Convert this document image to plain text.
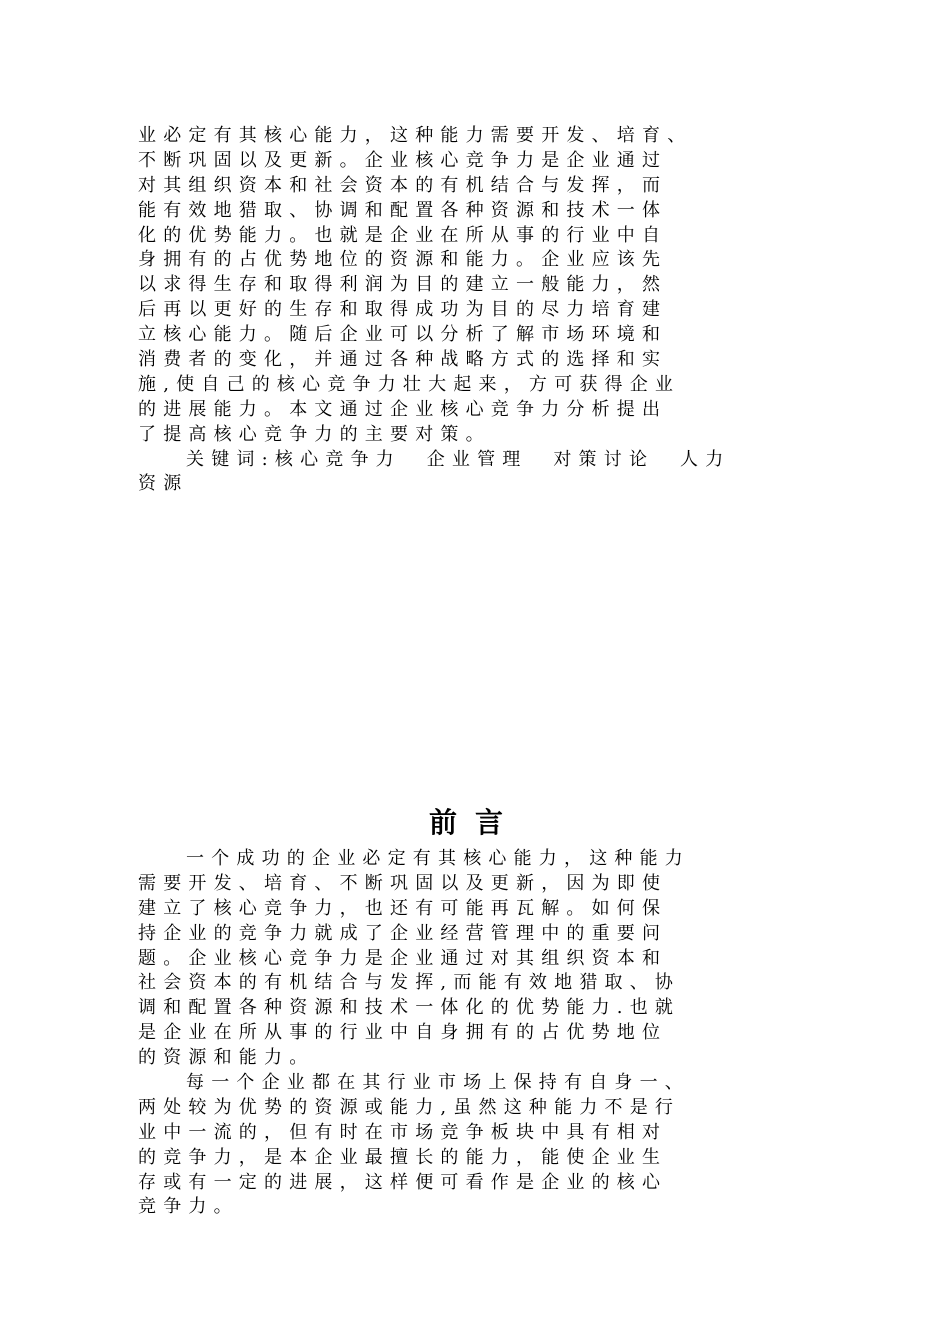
业必定有其核心能力，这种能力需要开发、培育、
不断巩固以及更新。企业核心竞争力是企业通过
对其组织资本和社会资本的有机结合与发挥，而
能有效地猎取、协调和配置各种资源和技术一体
化的优势能力。也就是企业在所从事的行业中自
身拥有的占优势地位的资源和能力。企业应该先
以求得生存和取得利润为目的建立一般能力，然
后再以更好的生存和取得成功为目的尽力培育建
立核心能力。随后企业可以分析了解市场环境和
消费者的变化，并通过各种战略方式的选择和实
施,使自己的核心竞争力壮大起来，方可获得企业
的进展能力。本文通过企业核心竞争力分析提出
了提高核心竞争力的主要对策。
关键词:核心竞争力  企业管理  对策讨论  人力
资源
前言
一个成功的企业必定有其核心能力，这种能力
需要开发、培育、不断巩固以及更新，因为即使
建立了核心竞争力，也还有可能再瓦解。如何保
持企业的竞争力就成了企业经营管理中的重要问
题。企业核心竞争力是企业通过对其组织资本和
社会资本的有机结合与发挥,而能有效地猎取、协
调和配置各种资源和技术一体化的优势能力.也就
是企业在所从事的行业中自身拥有的占优势地位
的资源和能力。
每一个企业都在其行业市场上保持有自身一、
两处较为优势的资源或能力,虽然这种能力不是行
业中一流的，但有时在市场竞争板块中具有相对
的竞争力，是本企业最擅长的能力，能使企业生
存或有一定的进展，这样便可看作是企业的核心
竞争力。
